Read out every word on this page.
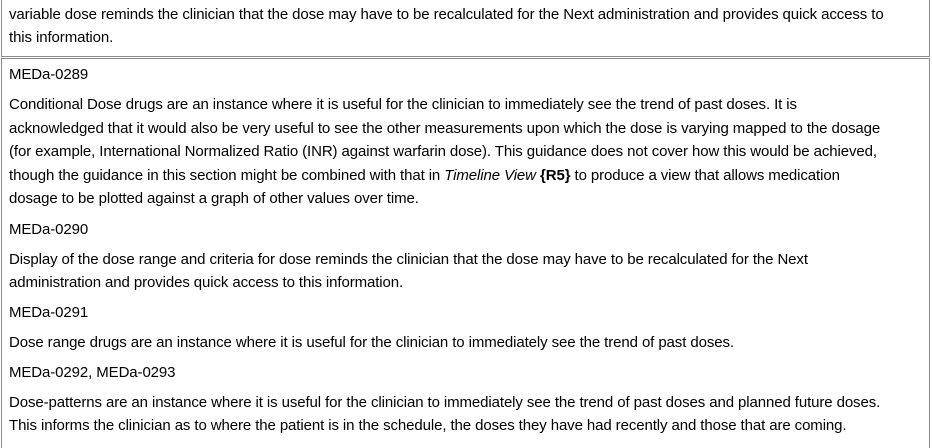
variable dose reminds the clinician that the dose may have to be recalculated for the Next administration and provides quick access to

this information.

MEDa-0289

Conditional Dose drugs are an instance where it is useful for the clinician to immediately see the trend of past doses. It is

acknowledged that it would also be very useful to see the other measurements upon which the dose is varying mapped to the dosage

(for example, International Normalized Ratio (INR) against warfarin dose). This guidance does not cover how this would be achieved,

though the guidance in this section might be combined with that in Timeline View {R5} to produce a view that allows medication

dosage to be plotted against a graph of other values over time.

MEDa-0290

Display of the dose range and criteria for dose reminds the clinician that the dose may have to be recalculated for the Next

administration and provides quick access to this information.

MEDa-0291

Dose range drugs are an instance where it is useful for the clinician to immediately see the trend of past doses.

MEDa-0292, MEDa-0293

Dose-patterns are an instance where it is useful for the clinician to immediately see the trend of past doses and planned future doses.

This informs the clinician as to where the patient is in the schedule, the doses they have had recently and those that are coming.
